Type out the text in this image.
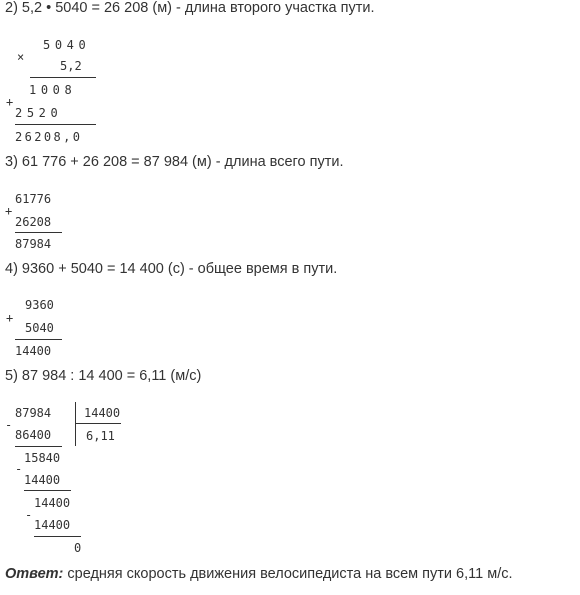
2) 5,2 • 5040 = 26 208 (м) - длина второго участка пути.
×
5040
5,2
+
1008
2520
26208,0
3) 61 776 + 26 208 = 87 984 (м) - длина всего пути.
+
61776
26208
87984
4) 9360 + 5040 = 14 400 (с) - общее время в пути.
+
9360
5040
14400
5) 87 984 : 14 400 = 6,11 (м/с)
-
87984
86400
14400
6,11
-
15840
14400
-
14400
14400
0
Ответ: средняя скорость движения велосипедиста на всем пути 6,11 м/с.
